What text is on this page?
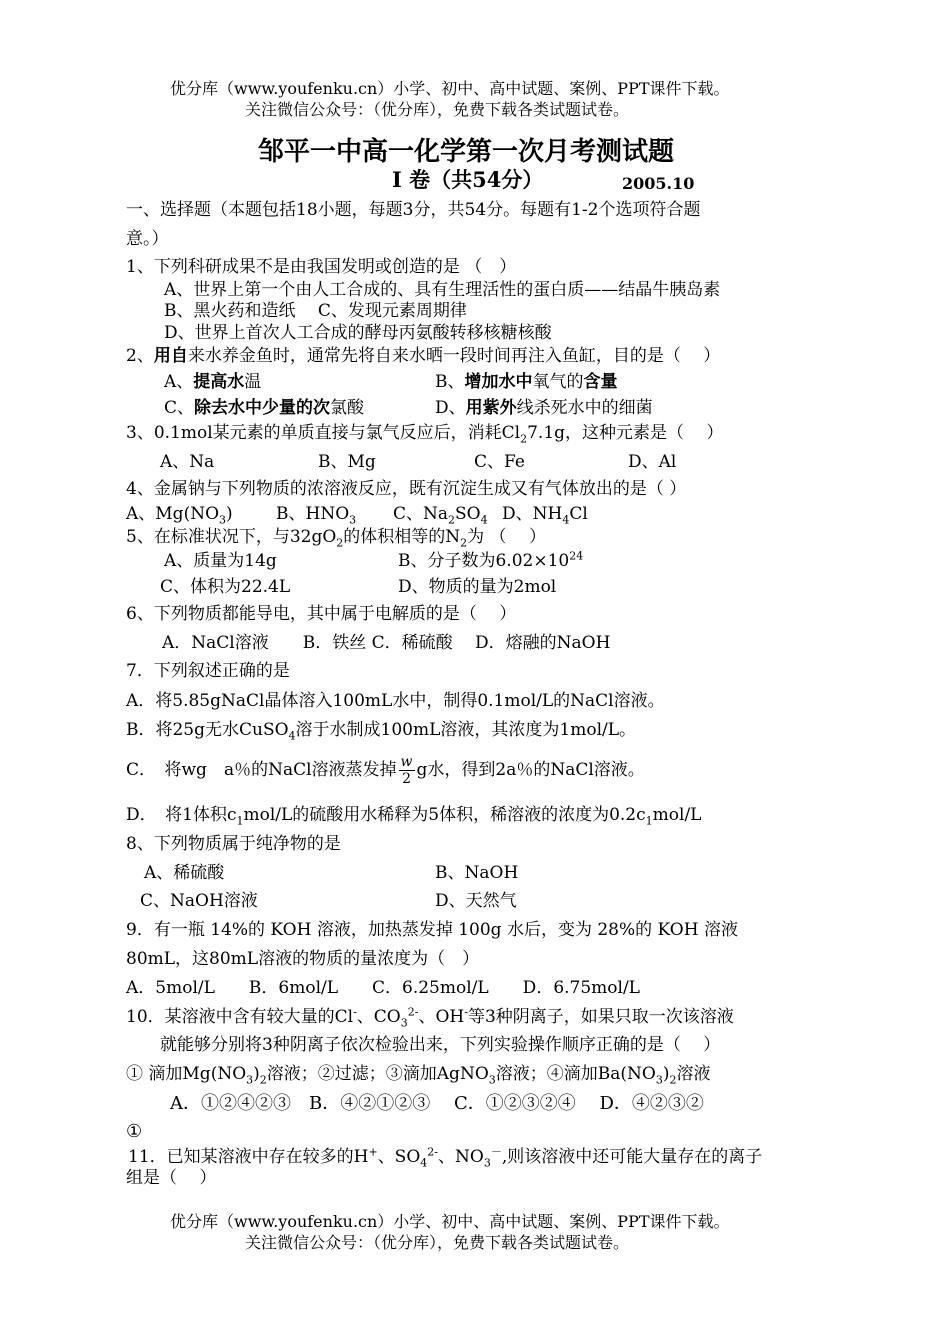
优分库（www.youfenku.cn）小学、初中、高中试题、案例、PPT课件下载。
关注微信公众号：（优分库），免费下载各类试题试卷。
邹平一中高一化学第一次月考测试题
Ⅰ 卷（共54分）	2005.10
一、选择题（本题包括18小题，每题3分，共54分。每题有1-2个选项符合题
意。）
1、下列科研成果不是由我国发明或创造的是 （　）
A、世界上第一个由人工合成的、具有生理活性的蛋白质——结晶牛胰岛素
B、黑火药和造纸　 C、发现元素周期律
D、世界上首次人工合成的酵母丙氨酸转移核糖核酸
2、用自来水养金鱼时，通常先将自来水晒一段时间再注入鱼缸，目的是（　 ）
A、提高水温	B、增加水中氧气的含量
C、除去水中少量的次氯酸	D、用紫外线杀死水中的细菌
3、0.1mol某元素的单质直接与氯气反应后，消耗$Cl_27.1g$，这种元素是（　 ）
A、Na	B、Mg	C、Fe	D、Al
4、金属钠与下列物质的浓溶液反应，既有沉淀生成又有气体放出的是（ ）
A、$Mg(NO_3)$	B、$HNO_3$ C、$Na_2SO_4$ D、$NH_4Cl$
5、在标准状况下，与$32gO_2$的体积相等的$N_2$为 （　 ）
A、质量为14g	B、分子数为$6.02\times 10^{24}$
C、体积为22.4L	D、物质的量为2mol
6、下列物质都能导电，其中属于电解质的是（　 ）
A．NaCl溶液　　B．铁丝 C．稀硫酸　 D．熔融的NaOH
7．下列叙述正确的是
A．将5.85gNaCl晶体溶入100mL水中，制得0.1mol/L的NaCl溶液。
B．将25g无水CuSO$_4$溶于水制成100mL溶液，其浓度为1mol/L。
C．　将wg　a％的NaCl溶液蒸发掉 $\frac{w}{2}$ g水，得到2a％的NaCl溶液。
D．　将1体积$c_1mol/L$的硫酸用水稀释为5体积，稀溶液的浓度为$0.2c_1mol/L$
8、下列物质属于纯净物的是
A、稀硫酸	B、NaOH
C、NaOH溶液	D、天然气
9．有一瓶 14%的 KOH 溶液，加热蒸发掉 100g 水后，变为 28%的 KOH 溶液
80mL，这80mL溶液的物质的量浓度为（　）
A．5mol/L　　B．6mol/L　　C．6.25mol/L　　D．6.75mol/L
10．某溶液中含有较大量的Cl-、$CO_3^{2-}$、OH-等3种阴离子，如果只取一次该溶液
就能够分别将3种阴离子依次检验出来，下列实验操作顺序正确的是（　 ）
① 滴加$Mg(NO_3)_2$溶液；②过滤；③滴加AgNO$_3$溶液；④滴加$Ba(NO_3)_2$溶液
A．①②④②③　B．④②①②③　 C．①②③②④　 D．④②③②
①
11．已知某溶液中存在较多的H+、$SO_4^{2-}$、$NO_3^-$,则该溶液中还可能大量存在的离子
组是（　 ）
优分库（www.youfenku.cn）小学、初中、高中试题、案例、PPT课件下载。
关注微信公众号：（优分库），免费下载各类试题试卷。
